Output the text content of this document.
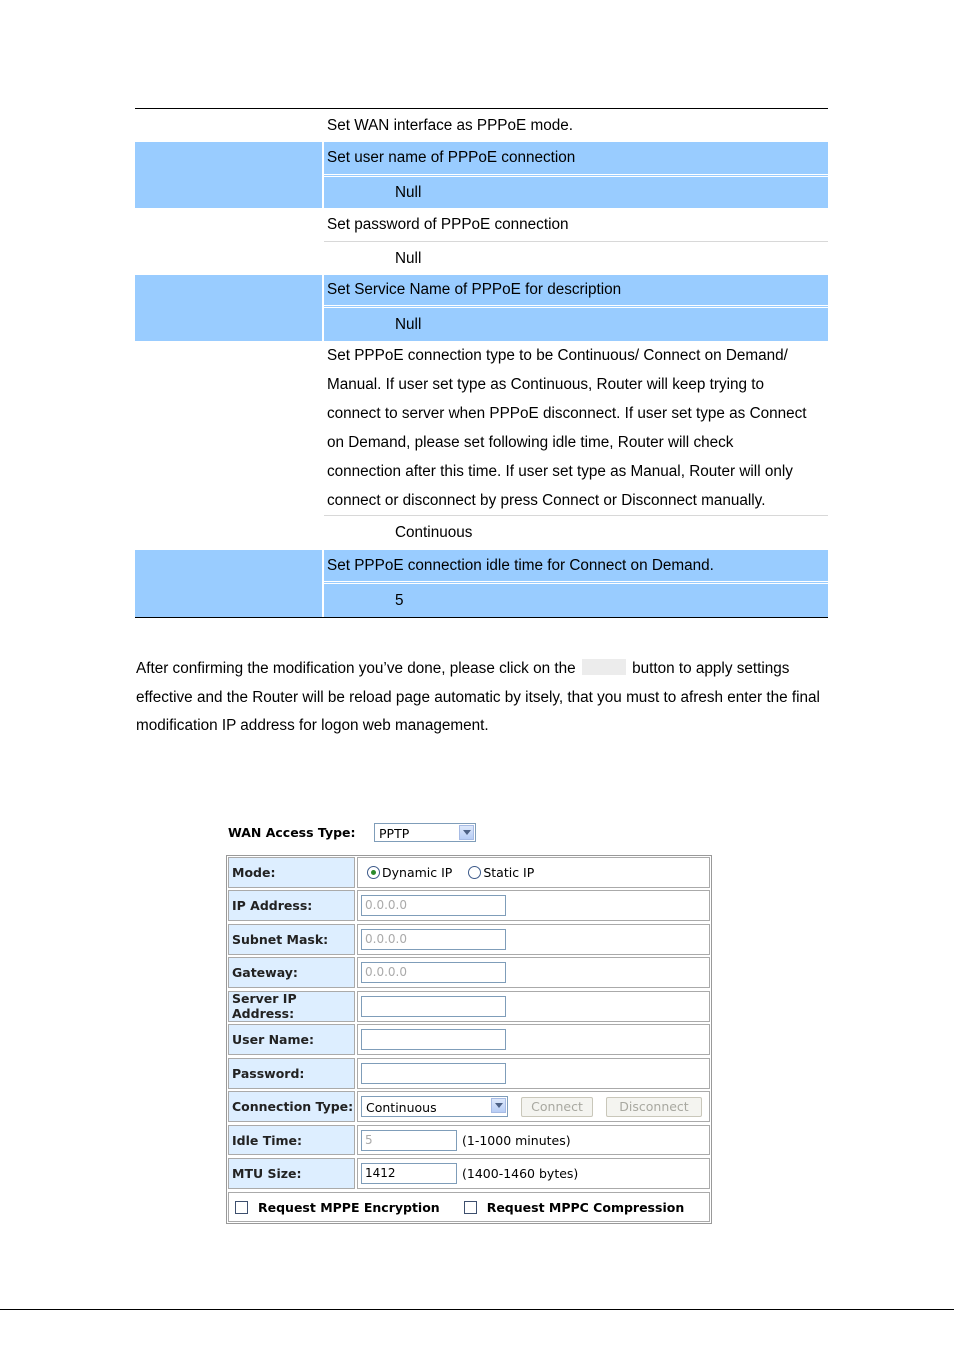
Set WAN interface as PPPoE mode.
Set user name of PPPoE connection
Null
Set password of PPPoE connection
Null
Set Service Name of PPPoE for description
Null
Set PPPoE connection type to be Continuous/ Connect on Demand/
Manual. If user set type as Continuous, Router will keep trying to
connect to server when PPPoE disconnect. If user set type as Connect
on Demand, please set following idle time, Router will check
connection after this time. If user set type as Manual, Router will only
connect or disconnect by press Connect or Disconnect manually.
Continuous
Set PPPoE connection idle time for Connect on Demand.
5
After confirming the modification you’ve done, please click on the	button to apply settings
effective and the Router will be reload page automatic by itsely, that you must to afresh enter the final
modification IP address for logon web management.
WAN Access Type:	PPTP
Mode:	Dynamic IP Static IP
IP Address:	0.0.0.0
Subnet Mask:	0.0.0.0
Gateway:	0.0.0.0
Server IP Address:
User Name:
Password:
Connection Type:	Continuous	Connect	Disconnect
Idle Time:	5	(1-1000 minutes)
MTU Size:	1412	(1400-1460 bytes)
Request MPPE Encryption	Request MPPC Compression
